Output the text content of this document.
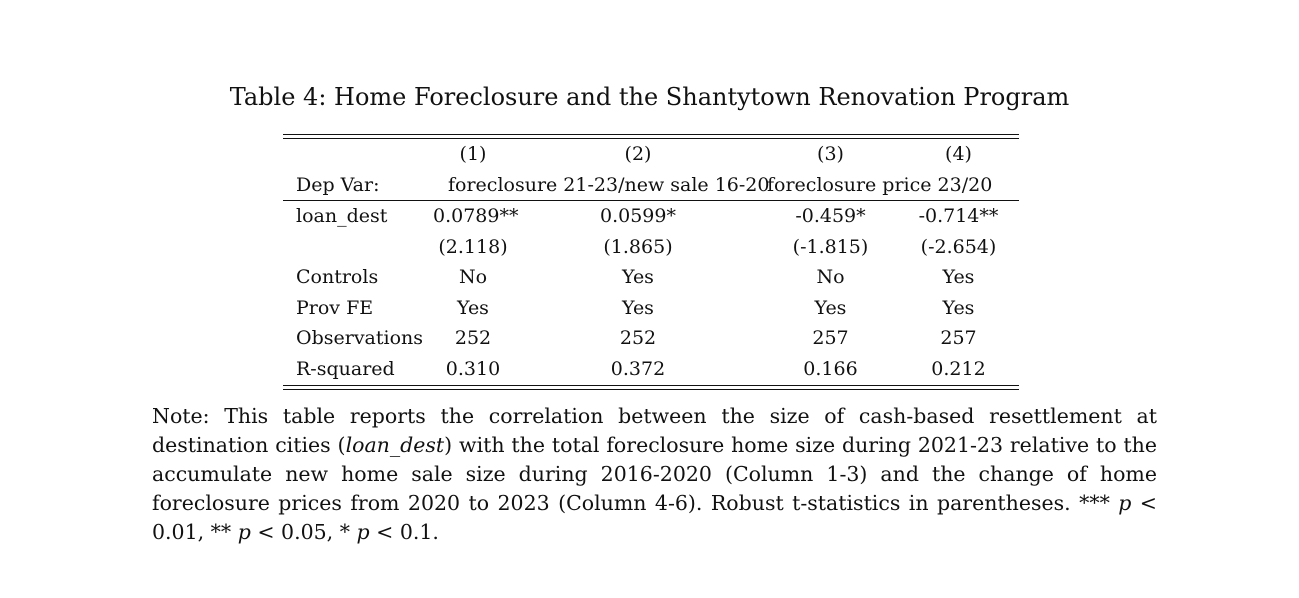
Table 4: Home Foreclosure and the Shantytown Renovation Program
	(1)	(2)	(3)	(4)
Dep Var:	foreclosure 21-23/new sale 16-20		foreclosure price 23/20	
loan_dest	0.0789**	0.0599*	-0.459*	-0.714**
	(2.118)	(1.865)	(-1.815)	(-2.654)
Controls	No	Yes	No	Yes
Prov FE	Yes	Yes	Yes	Yes
Observations	252	252	257	257
R-squared	0.310	0.372	0.166	0.212
Note: This table reports the correlation between the size of cash-based resettlement at destination cities (loan_dest) with the total foreclosure home size during 2021-23 relative to the accumulate new home sale size during 2016-2020 (Column 1-3) and the change of home foreclosure prices from 2020 to 2023 (Column 4-6). Robust t-statistics in parentheses. *** p < 0.01, ** p < 0.05, * p < 0.1.
